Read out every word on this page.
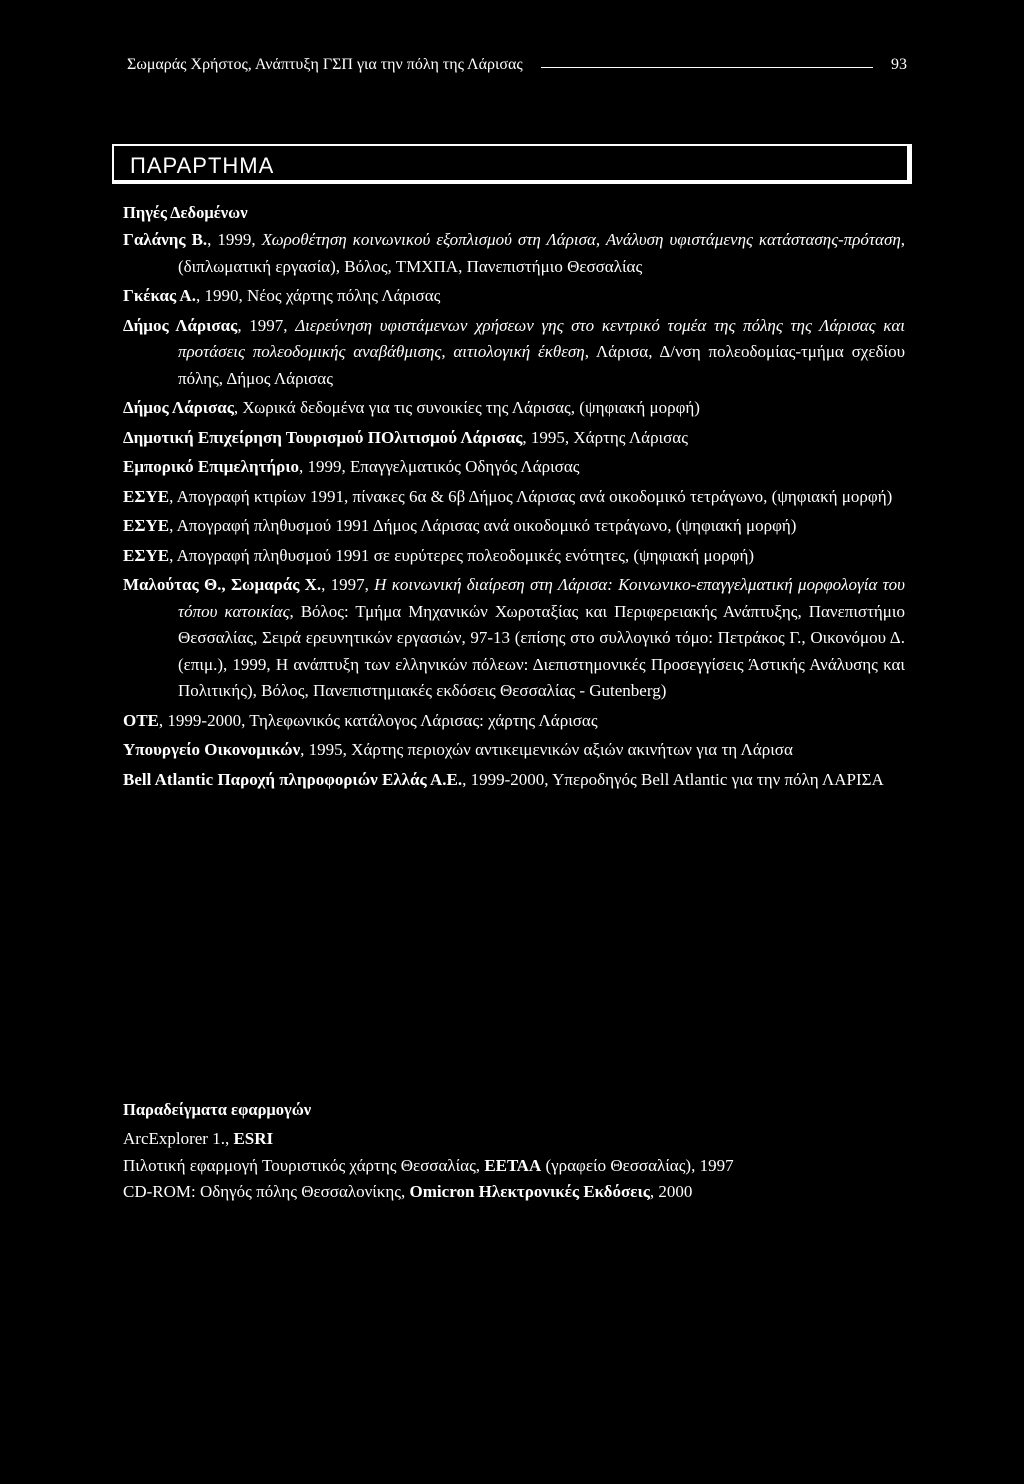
Σωμαράς Χρήστος, Ανάπτυξη ΓΣΠ για την πόλη της Λάρισας	93
ΠΑΡΑΡΤΗΜΑ
Πηγές Δεδομένων
Γαλάνης Β., 1999, Χωροθέτηση κοινωνικού εξοπλισμού στη Λάρισα, Ανάλυση υφιστάμενης κατάστασης-πρόταση, (διπλωματική εργασία), Βόλος, ΤΜΧΠΑ, Πανεπιστήμιο Θεσσαλίας
Γκέκας Α., 1990, Νέος χάρτης πόλης Λάρισας
Δήμος Λάρισας, 1997, Διερεύνηση υφιστάμενων χρήσεων γης στο κεντρικό τομέα της πόλης της Λάρισας και προτάσεις πολεοδομικής αναβάθμισης, αιτιολογική έκθεση, Λάρισα, Δ/νση πολεοδομίας-τμήμα σχεδίου πόλης, Δήμος Λάρισας
Δήμος Λάρισας, Χωρικά δεδομένα για τις συνοικίες της Λάρισας, (ψηφιακή μορφή)
Δημοτική Επιχείρηση Τουρισμού ΠΟλιτισμού Λάρισας, 1995, Χάρτης Λάρισας
Εμπορικό Επιμελητήριο, 1999, Επαγγελματικός Οδηγός Λάρισας
ΕΣΥΕ, Απογραφή κτιρίων 1991, πίνακες 6α & 6β Δήμος Λάρισας ανά οικοδομικό τετράγωνο, (ψηφιακή μορφή)
ΕΣΥΕ, Απογραφή πληθυσμού 1991 Δήμος Λάρισας ανά οικοδομικό τετράγωνο, (ψηφιακή μορφή)
ΕΣΥΕ, Απογραφή πληθυσμού 1991 σε ευρύτερες πολεοδομικές ενότητες, (ψηφιακή μορφή)
Μαλούτας Θ., Σωμαράς Χ., 1997, Η κοινωνική διαίρεση στη Λάρισα: Κοινωνικο-επαγγελματική μορφολογία του τόπου κατοικίας, Βόλος: Τμήμα Μηχανικών Χωροταξίας και Περιφερειακής Ανάπτυξης, Πανεπιστήμιο Θεσσαλίας, Σειρά ερευνητικών εργασιών, 97-13 (επίσης στο συλλογικό τόμο: Πετράκος Γ., Οικονόμου Δ. (επιμ.), 1999, Η ανάπτυξη των ελληνικών πόλεων: Διεπιστημονικές Προσεγγίσεις Άστικής Ανάλυσης και Πολιτικής), Βόλος, Πανεπιστημιακές εκδόσεις Θεσσαλίας - Gutenberg)
ΟΤΕ, 1999-2000, Τηλεφωνικός κατάλογος Λάρισας: χάρτης Λάρισας
Υπουργείο Οικονομικών, 1995, Χάρτης περιοχών αντικειμενικών αξιών ακινήτων για τη Λάρισα
Bell Atlantic Παροχή πληροφοριών Ελλάς Α.Ε., 1999-2000, Υπεροδηγός Bell Atlantic για την πόλη ΛΑΡΙΣΑ
Παραδείγματα εφαρμογών
ArcExplorer 1., ESRI
Πιλοτική εφαρμογή Τουριστικός χάρτης Θεσσαλίας, ΕΕΤΑΑ (γραφείο Θεσσαλίας), 1997
CD-ROM: Οδηγός πόλης Θεσσαλονίκης, Omicron Ηλεκτρονικές Εκδόσεις, 2000
